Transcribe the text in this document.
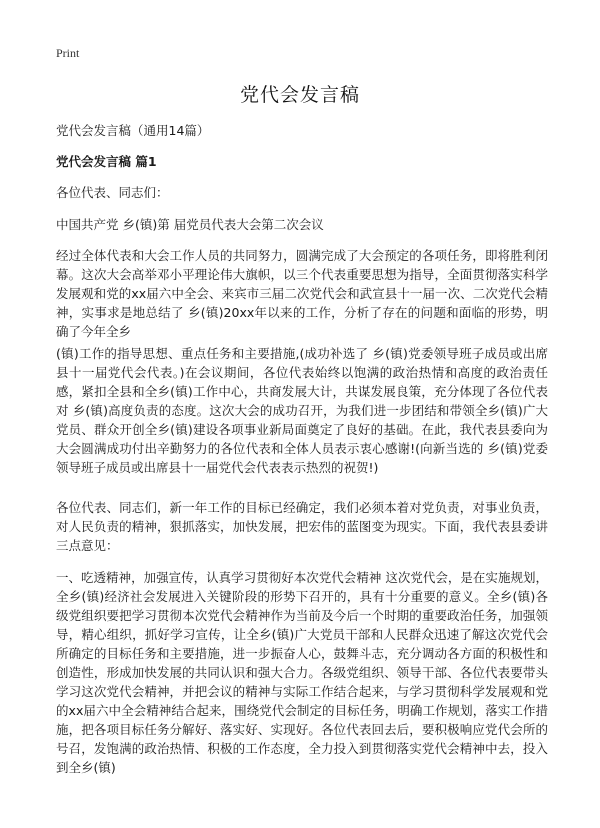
Print
党代会发言稿
党代会发言稿（通用14篇）
党代会发言稿 篇1
各位代表、同志们：
中国共产党 乡(镇)第 届党员代表大会第二次会议

经过全体代表和大会工作人员的共同努力，圆满完成了大会预定的各项任务，即将胜利闭幕。这次大会高举邓小平理论伟大旗帜，以三个代表重要思想为指导，全面贯彻落实科学发展观和党的xx届六中全会、来宾市三届二次党代会和武宣县十一届一次、二次党代会精神，实事求是地总结了 乡(镇)20xx年以来的工作，分析了存在的问题和面临的形势，明确了今年全乡

(镇)工作的指导思想、重点任务和主要措施,(成功补选了 乡(镇)党委领导班子成员或出席县十一届党代会代表。)在会议期间，各位代表始终以饱满的政治热情和高度的政治责任感，紧扣全县和全乡(镇)工作中心，共商发展大计，共谋发展良策，充分体现了各位代表对 乡(镇)高度负责的态度。这次大会的成功召开，为我们进一步团结和带领全乡(镇)广大党员、群众开创全乡(镇)建设各项事业新局面奠定了良好的基础。在此，我代表县委向为大会圆满成功付出辛勤努力的各位代表和全体人员表示衷心感谢!(向新当选的 乡(镇)党委领导班子成员或出席县十一届党代会代表表示热烈的祝贺!)

各位代表、同志们，新一年工作的目标已经确定，我们必须本着对党负责，对事业负责，对人民负责的精神，狠抓落实，加快发展，把宏伟的蓝图变为现实。下面，我代表县委讲三点意见：

一、吃透精神，加强宣传，认真学习贯彻好本次党代会精神 这次党代会，是在实施规划，全乡(镇)经济社会发展进入关键阶段的形势下召开的，具有十分重要的意义。全乡(镇)各级党组织要把学习贯彻本次党代会精神作为当前及今后一个时期的重要政治任务，加强领导，精心组织，抓好学习宣传，让全乡(镇)广大党员干部和人民群众迅速了解这次党代会所确定的目标任务和主要措施，进一步振奋人心，鼓舞斗志，充分调动各方面的积极性和创造性，形成加快发展的共同认识和强大合力。各级党组织、领导干部、各位代表要带头学习这次党代会精神，并把会议的精神与实际工作结合起来，与学习贯彻科学发展观和党的xx届六中全会精神结合起来，围绕党代会制定的目标任务，明确工作规划，落实工作措施，把各项目标任务分解好、落实好、实现好。各位代表回去后，要积极响应党代会所的号召，发饱满的政治热情、积极的工作态度，全力投入到贯彻落实党代会精神中去，投入到全乡(镇)
